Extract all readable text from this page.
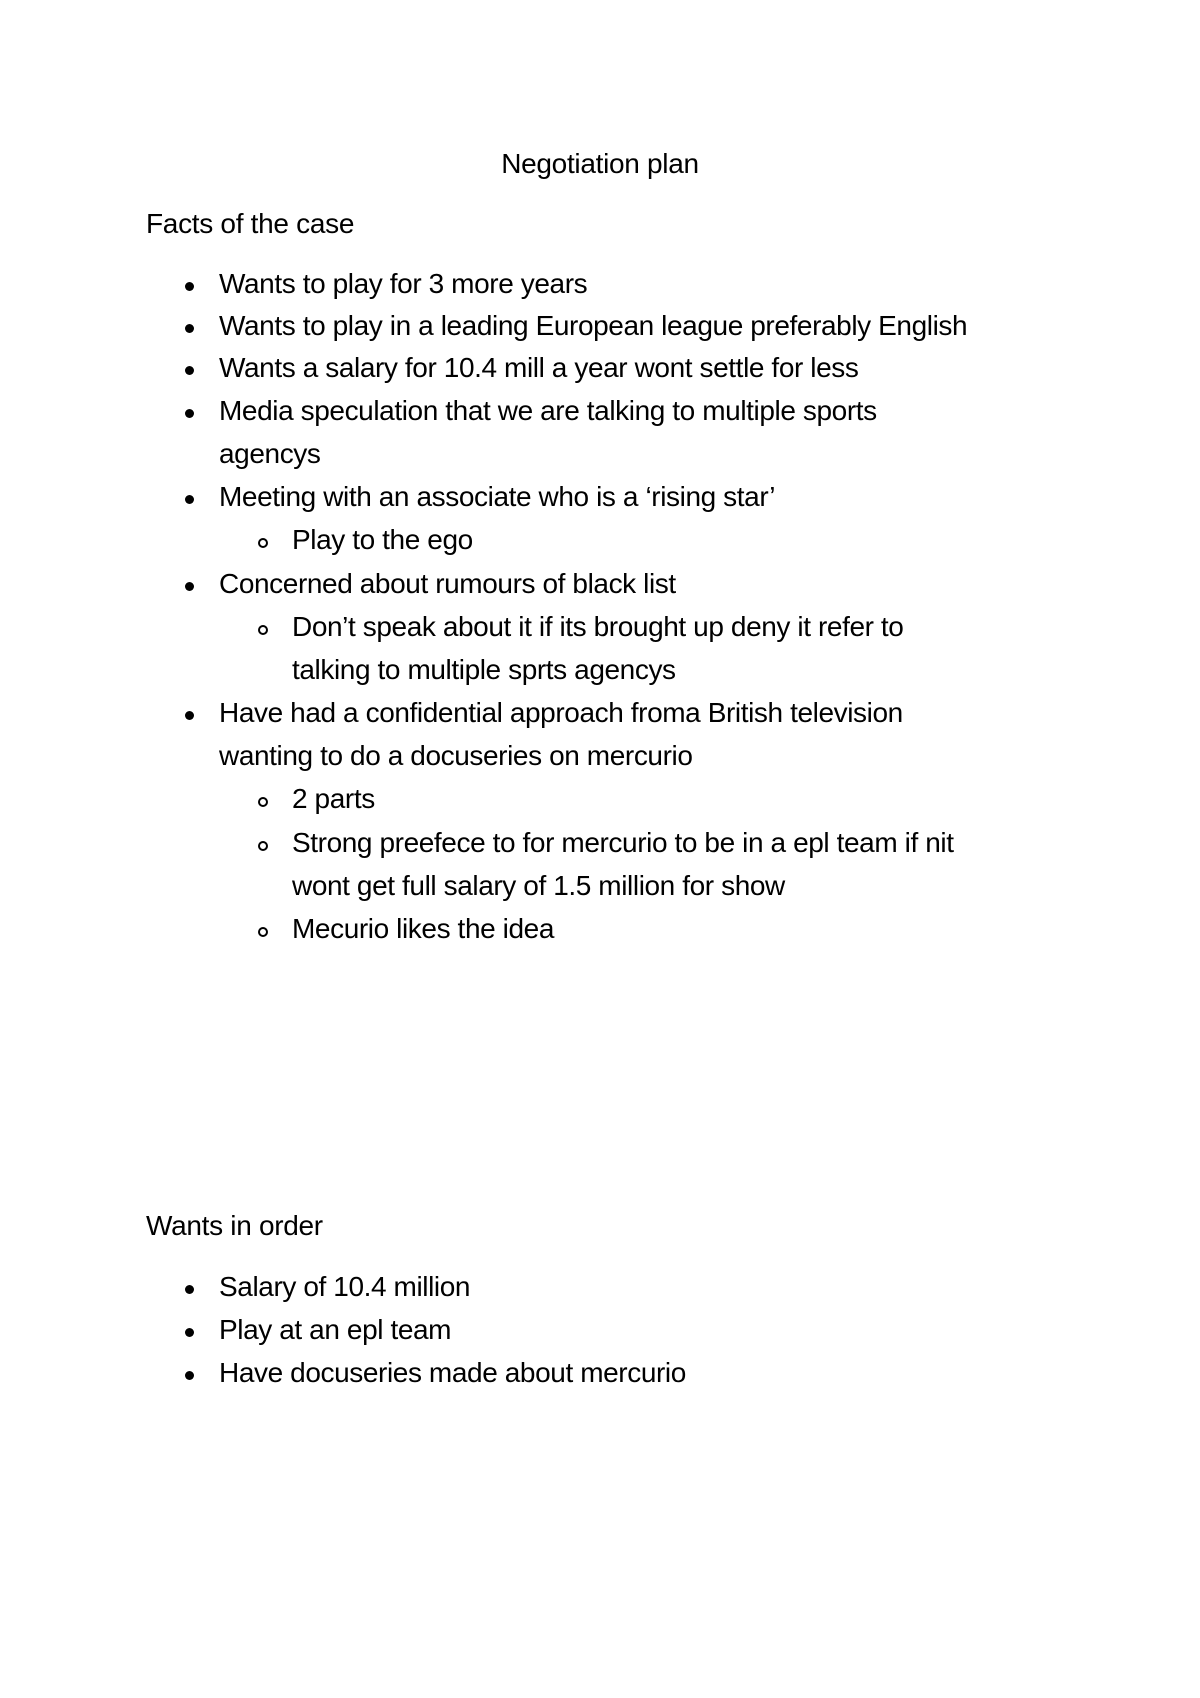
Negotiation plan
Facts of the case
Wants to play for 3 more years
Wants to play in a leading European league preferably English
Wants a salary for 10.4 mill a year wont settle for less
Media speculation that we are talking to multiple sports
agencys
Meeting with an associate who is a ‘rising star’
Play to the ego
Concerned about rumours of black list
Don’t speak about it if its brought up deny it refer to
talking to multiple sprts agencys
Have had a confidential approach froma British television
wanting to do a docuseries on mercurio
2 parts
Strong preefece to for mercurio to be in a epl team if nit
wont get full salary of 1.5 million for show
Mecurio likes the idea
Wants in order
Salary of 10.4 million
Play at an epl team
Have docuseries made about mercurio
